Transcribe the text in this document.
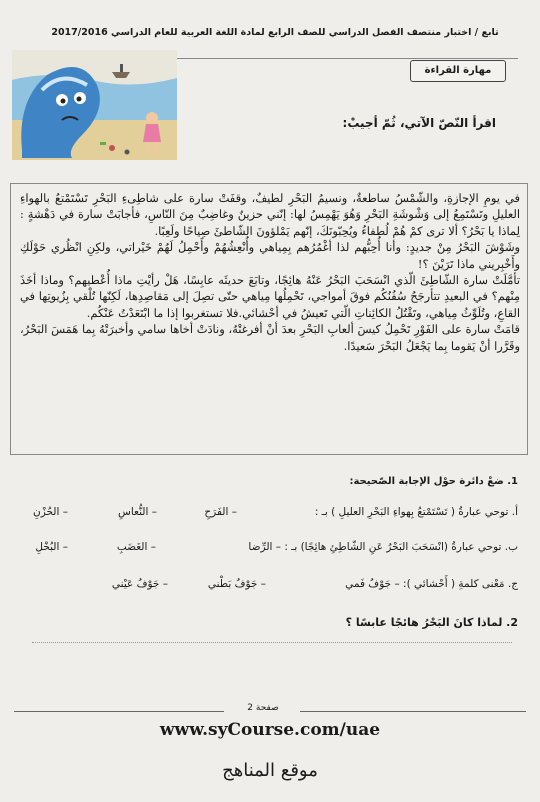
تابع / اختبار منتصف الفصل الدراسي للصف الرابع لمادة اللغة العربية للعام الدراسي 2017/2016
مهارة القراءة
اقرأ النّصّ الآتي، ثُمّ أجيبْ:

في يومِ الإجازةِ، والشّمْسُ ساطعةٌ، ونسيمُ البَحْرِ لطيفٌ، وقفَتْ سارة على شاطِىءِ البَحْرِ تَسْتَمْتعُ بالهواءِ العليلِ وتَسْتَمِعُ إلى وَشْوشَةِ البَحْرِ وَهُوَ يَهْمِسُ لها: إنّني حزينٌ وغاضِبٌ مِنَ النّاسِ، فأجابَتْ سارة في دَهْشةٍ : لِماذا يا بَحْرُ؟ ألا ترى كمْ هُمْ لُطفاءُ ويُحِبّونَكَ، إنّهم يَمْلؤونَ الشّاطئَ صِياحًا ولَعِبًا.

وشَوْشَ البَحْرُ مِنْ جديدٍ: وأنا أُحِبُّهم لذا أغْمُرُهم بِمِياهي وأُنْعِشُهُمْ وأَحْمِلُ لَهُمْ خَيْراتي، ولكِنِ انْظُري حَوْلَكِ وأَخْبِريني ماذا تَرَيْنَ ؟!

تأمَّلَتْ سارة الشّاطِئَ الّذي انْسَحَبَ البَحْرُ عَنْهُ هائِجًا، وتابَعَ حديثَه عابِسًا، هَلْ رأيْتِ ماذا أُعْطيهم؟ وماذا أخَذَ مِنْهم؟ في البعيدِ تتأرجَحُ سُفُنُكُم فوقَ أمواجي، تَحْمِلُها مِياهي حتّى تصِلَ إلى مَقاصِدِها، لَكِنّها تُلْقي بِزُيوتِها في القاعِ، وتُلَوِّثُ مِياهي، وتَقْتُلُ الكائِناتِ الّتي تَعيشُ في أحْشائي.فلا تستغربوا إذا ما ابْتَعَدْتُ عَنْكُم.

قامَتْ سارة على الفَوْرِ تَحْمِلُ كيسَ ألعابِ البَحْرِ بعدَ أنْ أفرغتْهُ، ونادَتْ أخاها سامي وأخبرَتْهُ بِما هَمَسَ البَحْرُ، وقَرَّرا أنْ يَقوما بِما يَجْعَلُ البَحْرَ سَعيدًا.

1. ضعْ دائرة حوْل الإجابة الصّحيحة:
أ. توحي عبارةُ ( تَسْتَمْتعُ بِهواءِ البَحْرِ العليلِ ) بـ :
– الفَرَحِ
– النُّعاسِ
– الحُزْنِ
ب. توحي عبارةُ (انْسَحَبَ البَحْرُ عَنِ الشّاطِئِ هائِجًا) بـ : – الرِّضا
– الغَضَبِ
– البُخْلِ
ج. مَعْنى كلمةِ ( أَحْشائي ): – جَوْفُ فَمي
– جَوْفُ بَطْني
– جَوْفُ عَيْني
2. لماذا كانَ البَحْرُ هائجًا عابسًا ؟
صفحة 2
www.syCourse.com/uae
موقع المناهج
